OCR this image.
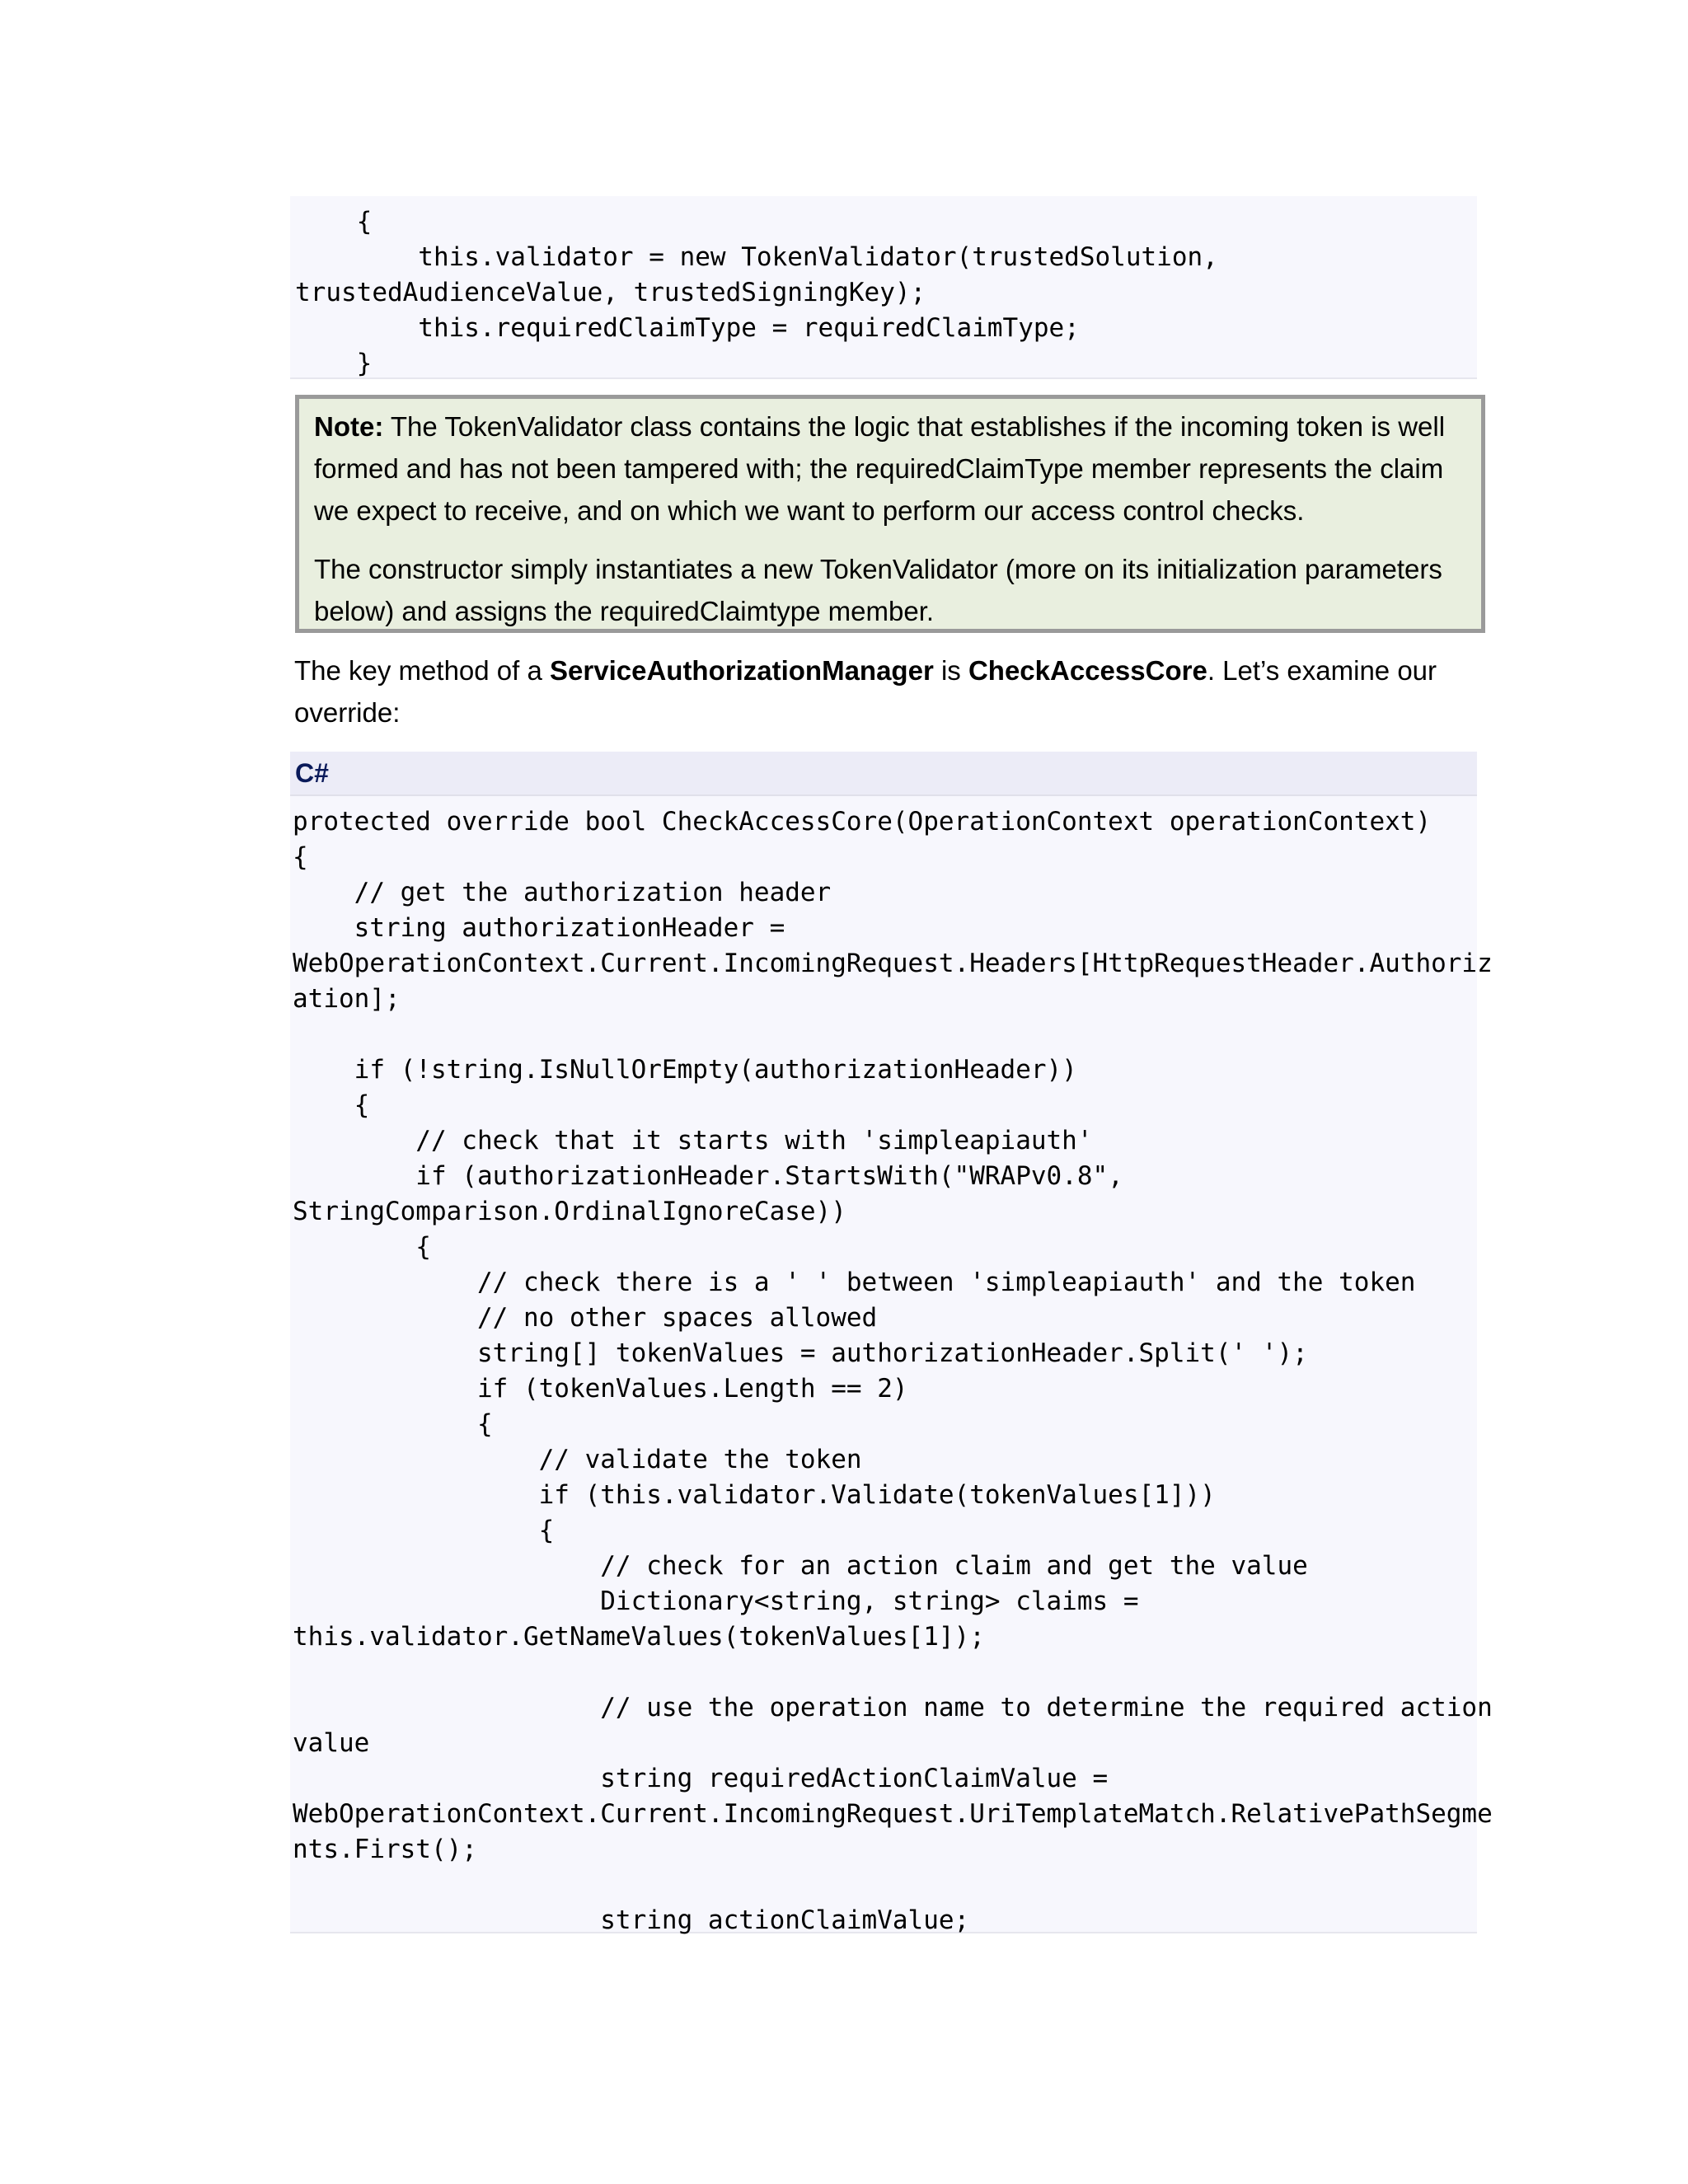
{
this.validator = new TokenValidator(trustedSolution,
trustedAudienceValue, trustedSigningKey);
this.requiredClaimType = requiredClaimType;
}

Note: The TokenValidator class contains the logic that establishes if the incoming token is well formed and has not been tampered with; the requiredClaimType member represents the claim we expect to receive, and on which we want to perform our access control checks.

The constructor simply instantiates a new TokenValidator (more on its initialization parameters below) and assigns the requiredClaimtype member.

The key method of a ServiceAuthorizationManager is CheckAccessCore. Let’s examine our override:

C#
protected override bool CheckAccessCore(OperationContext operationContext)
{
// get the authorization header
string authorizationHeader =
WebOperationContext.Current.IncomingRequest.Headers[HttpRequestHeader.Authoriz
ation];

if (!string.IsNullOrEmpty(authorizationHeader))
{
// check that it starts with 'simpleapiauth'
if (authorizationHeader.StartsWith("WRAPv0.8",
StringComparison.OrdinalIgnoreCase))
{
// check there is a ' ' between 'simpleapiauth' and the token
// no other spaces allowed
string[] tokenValues = authorizationHeader.Split(' ');
if (tokenValues.Length == 2)
{
// validate the token
if (this.validator.Validate(tokenValues[1]))
{
// check for an action claim and get the value
Dictionary<string, string> claims =
this.validator.GetNameValues(tokenValues[1]);

// use the operation name to determine the required action
value
string requiredActionClaimValue =
WebOperationContext.Current.IncomingRequest.UriTemplateMatch.RelativePathSegme
nts.First();

string actionClaimValue;
